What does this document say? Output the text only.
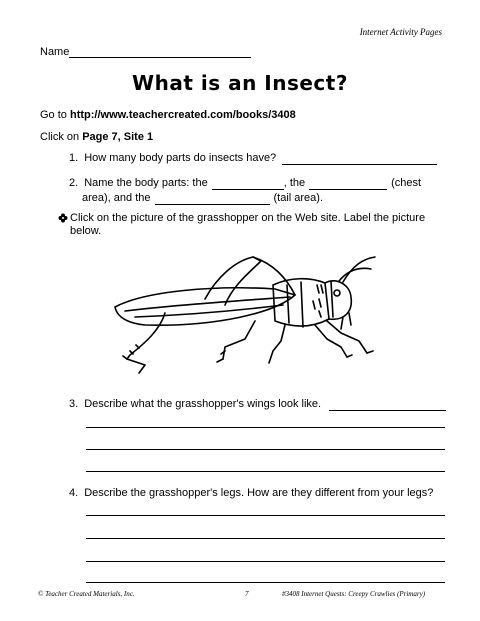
Internet Activity Pages
Name
What is an Insect?
Go to http://www.teachercreated.com/books/3408
Click on Page 7, Site 1
1. How many body parts do insects have?
2. Name the body parts: the	, the	(chest
area), and the	(tail area).
Click on the picture of the grasshopper on the Web site. Label the picture below.
3. Describe what the grasshopper's wings look like.
4. Describe the grasshopper's legs. How are they different from your legs?
© Teacher Created Materials, Inc.	7	#3408 Internet Quests: Creepy Crawlies (Primary)
